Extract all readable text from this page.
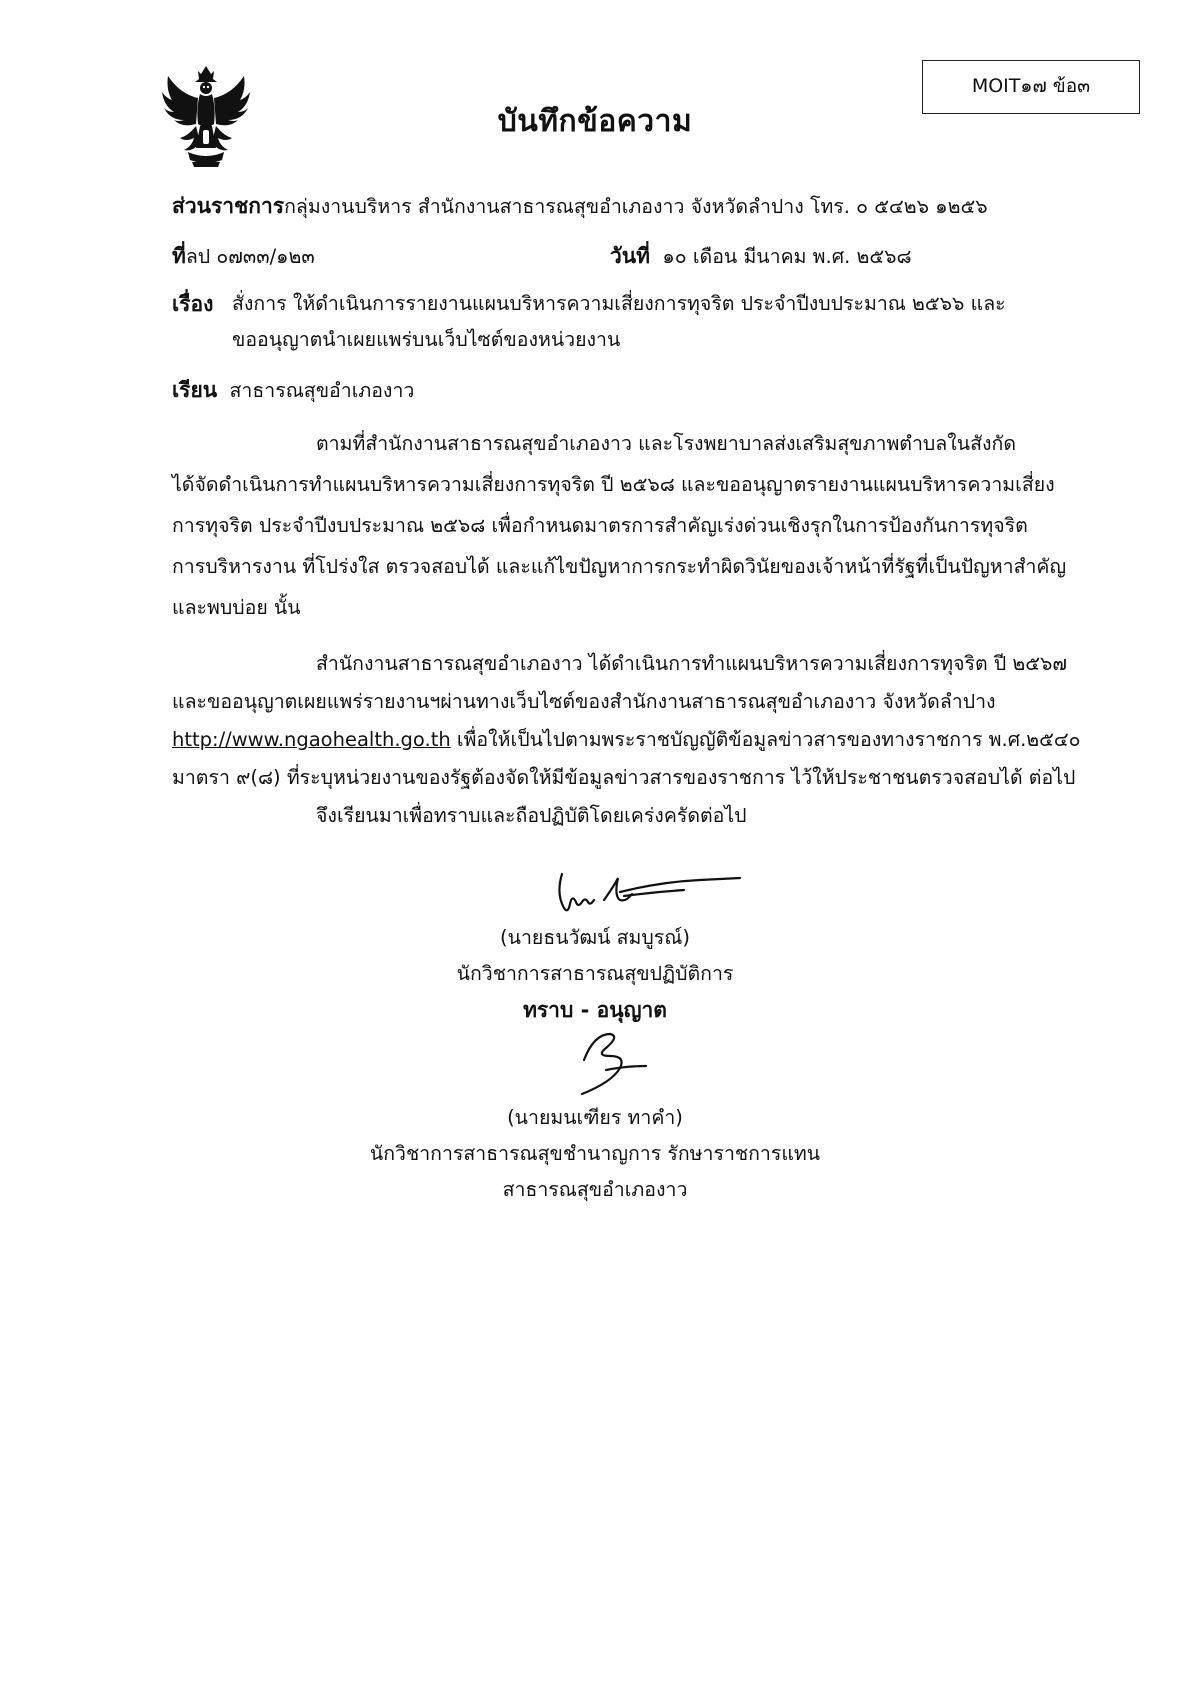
MOIT๑๗ ข้อ๓
บันทึกข้อความ
ส่วนราชการกลุ่มงานบริหาร สำนักงานสาธารณสุขอำเภองาว จังหวัดลำปาง โทร. ๐ ๕๔๒๖ ๑๒๕๖
ที่ลป ๐๗๓๓/๑๒๓	วันที่ ๑๐ เดือน มีนาคม พ.ศ. ๒๕๖๘
เรื่อง สั่งการ ให้ดำเนินการรายงานแผนบริหารความเสี่ยงการทุจริต ประจำปีงบประมาณ ๒๕๖๖ และ
ขออนุญาตนำเผยแพร่บนเว็บไซต์ของหน่วยงาน
เรียน สาธารณสุขอำเภองาว
ตามที่สำนักงานสาธารณสุขอำเภองาว และโรงพยาบาลส่งเสริมสุขภาพตำบลในสังกัด
ได้จัดดำเนินการทำแผนบริหารความเสี่ยงการทุจริต ปี ๒๕๖๘ และขออนุญาตรายงานแผนบริหารความเสี่ยง
การทุจริต ประจำปีงบประมาณ ๒๕๖๘ เพื่อกำหนดมาตรการสำคัญเร่งด่วนเชิงรุกในการป้องกันการทุจริต
การบริหารงาน ที่โปร่งใส ตรวจสอบได้ และแก้ไขปัญหาการกระทำผิดวินัยของเจ้าหน้าที่รัฐที่เป็นปัญหาสำคัญ
และพบบ่อย นั้น
สำนักงานสาธารณสุขอำเภองาว ได้ดำเนินการทำแผนบริหารความเสี่ยงการทุจริต ปี ๒๕๖๗
และขออนุญาตเผยแพร่รายงานฯผ่านทางเว็บไซต์ของสำนักงานสาธารณสุขอำเภองาว จังหวัดลำปาง
http://www.ngaohealth.go.th เพื่อให้เป็นไปตามพระราชบัญญัติข้อมูลข่าวสารของทางราชการ พ.ศ.๒๕๔๐
มาตรา ๙(๘) ที่ระบุหน่วยงานของรัฐต้องจัดให้มีข้อมูลข่าวสารของราชการ ไว้ให้ประชาชนตรวจสอบได้ ต่อไป
จึงเรียนมาเพื่อทราบและถือปฏิบัติโดยเคร่งครัดต่อไป
(นายธนวัฒน์ สมบูรณ์)
นักวิชาการสาธารณสุขปฏิบัติการ
ทราบ - อนุญาต
(นายมนเฑียร ทาคำ)
นักวิชาการสาธารณสุขชำนาญการ รักษาราชการแทน
สาธารณสุขอำเภองาว
